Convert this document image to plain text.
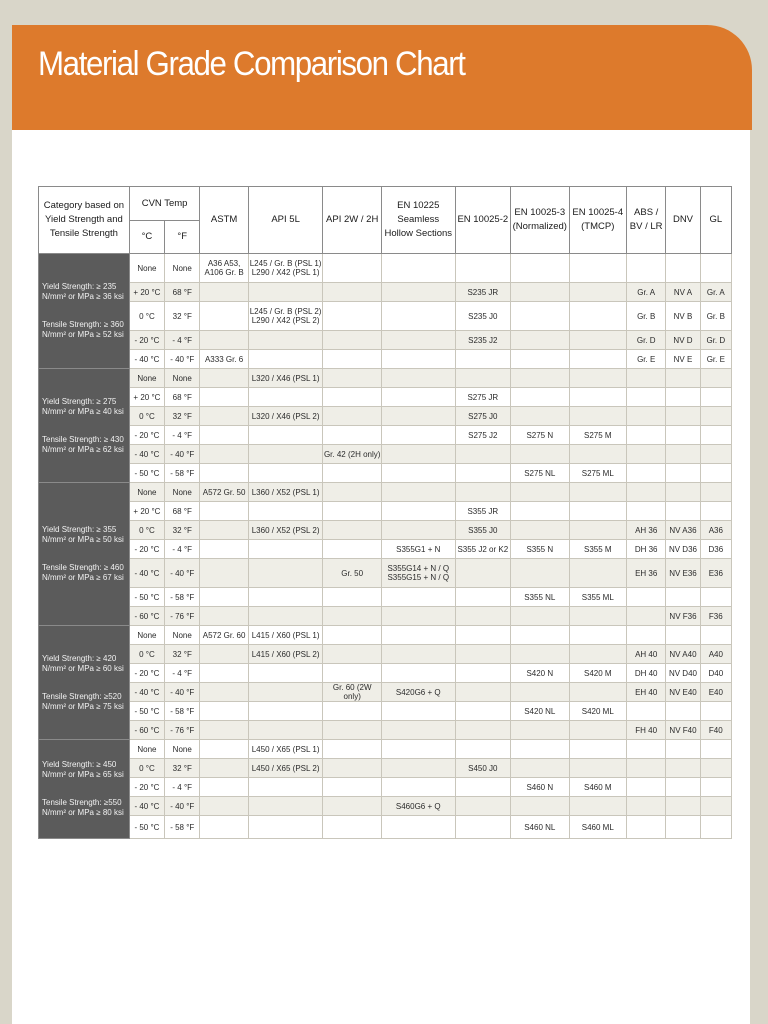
Material Grade Comparison Chart
Category based on Yield Strength and Tensile Strength	CVN Temp		ASTM	API 5L	API 2W / 2H	EN 10225 Seamless Hollow Sections	EN 10025-2	EN 10025-3 (Normalized)	EN 10025-4 (TMCP)	ABS / BV / LR	DNV	GL
	°C	°F										

Yield Strength: ≥ 235 N/mm² or MPa ≥ 36 ksi
Tensile Strength: ≥ 360 N/mm² or MPa ≥ 52 ksi	None	None	A36 A53, A106 Gr. B	L245 / Gr. B (PSL 1) L290 / X42 (PSL 1)								
	+ 20 °C	68 °F					S235 JR			Gr. A	NV A	Gr. A
	0 °C	32 °F		L245 / Gr. B (PSL 2) L290 / X42 (PSL 2)			S235 J0			Gr. B	NV B	Gr. B
	- 20 °C	- 4 °F					S235 J2			Gr. D	NV D	Gr. D
	- 40 °C	- 40 °F	A333 Gr. 6							Gr. E	NV E	Gr. E

Yield Strength: ≥ 275 N/mm² or MPa ≥ 40 ksi
Tensile Strength: ≥ 430 N/mm² or MPa ≥ 62 ksi	None	None		L320 / X46 (PSL 1)								
	+ 20 °C	68 °F					S275 JR					
	0 °C	32 °F		L320 / X46 (PSL 2)			S275 J0					
	- 20 °C	- 4 °F					S275 J2	S275 N	S275 M			
	- 40 °C	- 40 °F			Gr. 42 (2H only)							
	- 50 °C	- 58 °F						S275 NL	S275 ML			

Yield Strength: ≥ 355 N/mm² or MPa ≥ 50 ksi
Tensile Strength: ≥ 460 N/mm² or MPa ≥ 67 ksi	None	None	A572 Gr. 50	L360 / X52 (PSL 1)								
	+ 20 °C	68 °F					S355 JR					
	0 °C	32 °F		L360 / X52 (PSL 2)			S355 J0			AH 36	NV A36	A36
	- 20 °C	- 4 °F				S355G1 + N	S355 J2 or K2	S355 N	S355 M	DH 36	NV D36	D36
	- 40 °C	- 40 °F			Gr. 50	S355G14 + N / Q S355G15 + N / Q				EH 36	NV E36	E36
	- 50 °C	- 58 °F						S355 NL	S355 ML			
	- 60 °C	- 76 °F									NV F36	F36

Yield Strength: ≥ 420 N/mm² or MPa ≥ 60 ksi
Tensile Strength: ≥520 N/mm² or MPa ≥ 75 ksi	None	None	A572 Gr. 60	L415 / X60 (PSL 1)								
	0 °C	32 °F		L415 / X60 (PSL 2)						AH 40	NV A40	A40
	- 20 °C	- 4 °F						S420 N	S420 M	DH 40	NV D40	D40
	- 40 °C	- 40 °F			Gr. 60 (2W only)	S420G6 + Q				EH 40	NV E40	E40
	- 50 °C	- 58 °F						S420 NL	S420 ML			
	- 60 °C	- 76 °F								FH 40	NV F40	F40

Yield Strength: ≥ 450 N/mm² or MPa ≥ 65 ksi
Tensile Strength: ≥550 N/mm² or MPa ≥ 80 ksi	None	None		L450 / X65 (PSL 1)								
	0 °C	32 °F		L450 / X65 (PSL 2)			S450 J0					
	- 20 °C	- 4 °F						S460 N	S460 M			
	- 40 °C	- 40 °F				S460G6 + Q						
	- 50 °C	- 58 °F						S460 NL	S460 ML			
